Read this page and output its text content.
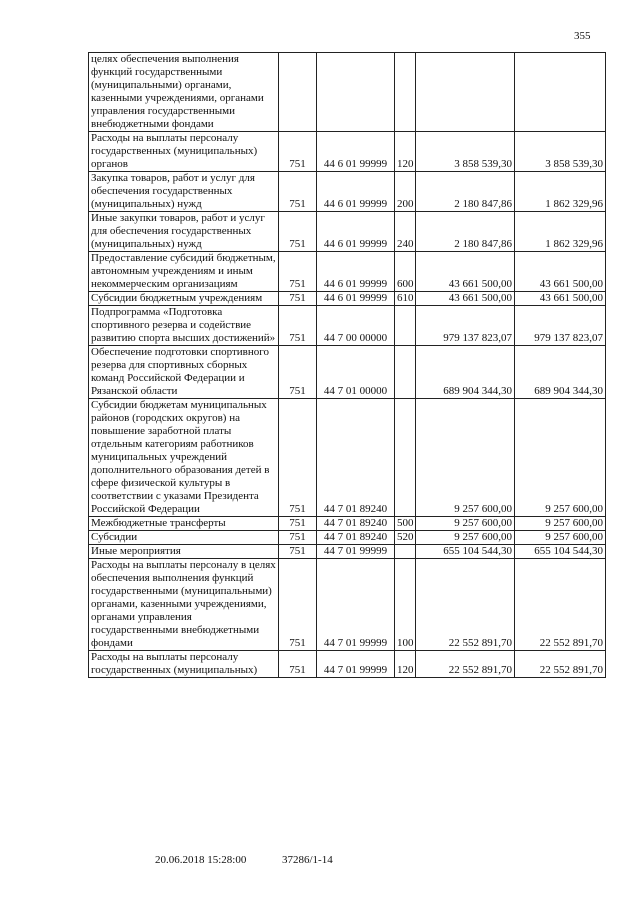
355
целях обеспечения выполнения функций государственными (муниципальными) органами, казенными учреждениями, органами управления государственными внебюджетными фондами					
Расходы на выплаты персоналу государственных (муниципальных) органов	751	44 6 01 99999	120	3 858 539,30	3 858 539,30
Закупка товаров, работ и услуг для обеспечения государственных (муниципальных) нужд	751	44 6 01 99999	200	2 180 847,86	1 862 329,96
Иные закупки товаров, работ и услуг для обеспечения государственных (муниципальных) нужд	751	44 6 01 99999	240	2 180 847,86	1 862 329,96
Предоставление субсидий бюджетным, автономным учреждениям и иным некоммерческим организациям	751	44 6 01 99999	600	43 661 500,00	43 661 500,00
Субсидии бюджетным учреждениям	751	44 6 01 99999	610	43 661 500,00	43 661 500,00
Подпрограмма «Подготовка спортивного резерва и содействие развитию спорта высших достижений»	751	44 7 00 00000		979 137 823,07	979 137 823,07
Обеспечение подготовки спортивного резерва для спортивных сборных команд Российской Федерации и Рязанской области	751	44 7 01 00000		689 904 344,30	689 904 344,30
Субсидии бюджетам муниципальных районов (городских округов) на повышение заработной платы отдельным категориям работников муниципальных учреждений дополнительного образования детей в сфере физической культуры в соответствии с указами Президента Российской Федерации	751	44 7 01 89240		9 257 600,00	9 257 600,00
Межбюджетные трансферты	751	44 7 01 89240	500	9 257 600,00	9 257 600,00
Субсидии	751	44 7 01 89240	520	9 257 600,00	9 257 600,00
Иные мероприятия	751	44 7 01 99999		655 104 544,30	655 104 544,30
Расходы на выплаты персоналу в целях обеспечения выполнения функций государственными (муниципальными) органами, казенными учреждениями, органами управления государственными внебюджетными фондами	751	44 7 01 99999	100	22 552 891,70	22 552 891,70
Расходы на выплаты персоналу государственных (муниципальных)	751	44 7 01 99999	120	22 552 891,70	22 552 891,70
20.06.2018 15:28:00	37286/1-14
